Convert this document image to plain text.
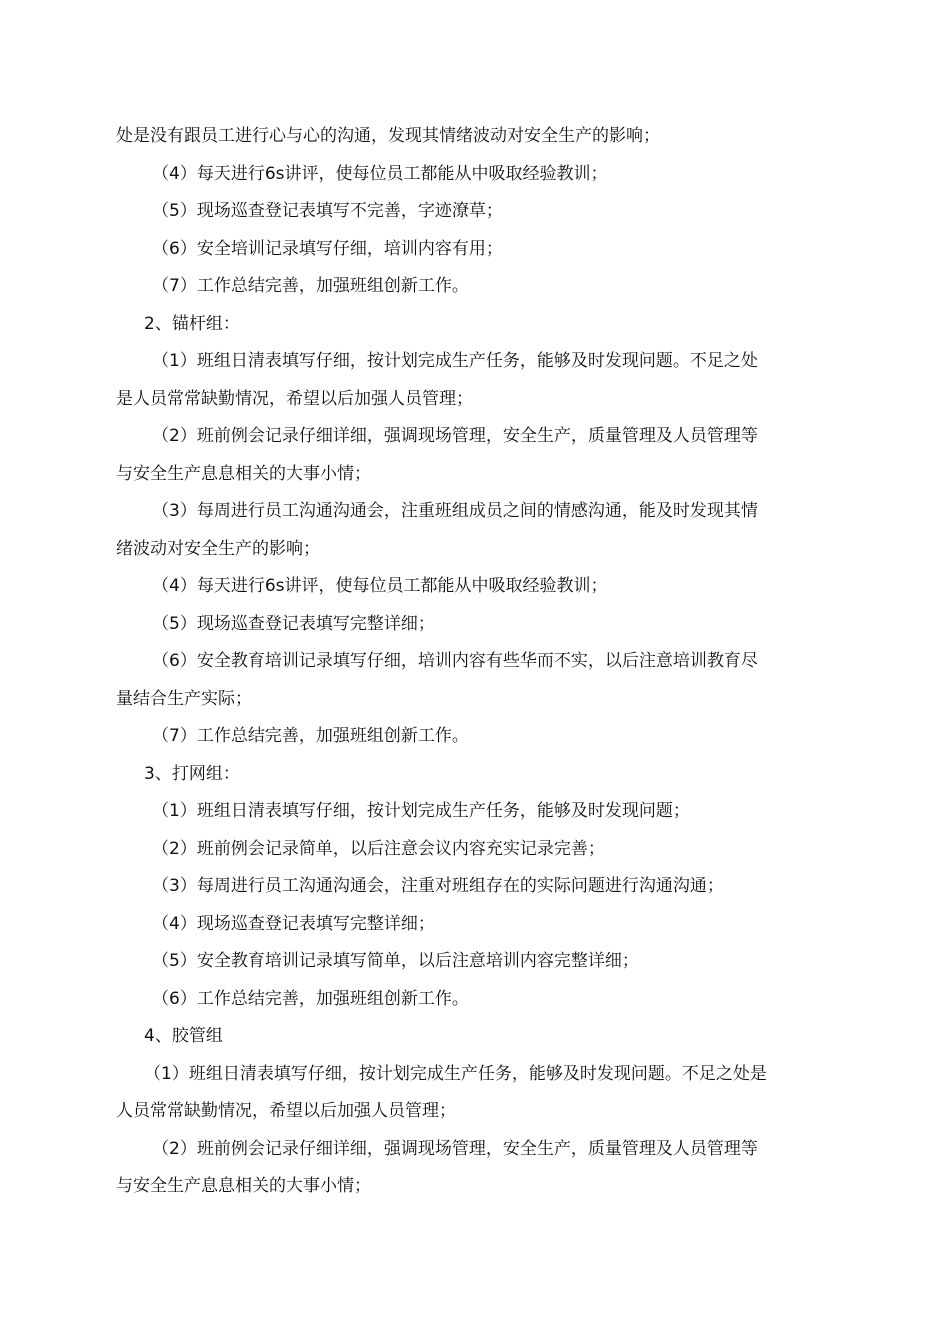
处是没有跟员工进行心与心的沟通，发现其情绪波动对安全生产的影响；
（4）每天进行6s讲评，使每位员工都能从中吸取经验教训；
（5）现场巡查登记表填写不完善，字迹潦草；
（6）安全培训记录填写仔细，培训内容有用；
（7）工作总结完善，加强班组创新工作。
2、锚杆组：
（1）班组日清表填写仔细，按计划完成生产任务，能够及时发现问题。不足之处
是人员常常缺勤情况，希望以后加强人员管理；
（2）班前例会记录仔细详细，强调现场管理，安全生产，质量管理及人员管理等
与安全生产息息相关的大事小情；
（3）每周进行员工沟通沟通会，注重班组成员之间的情感沟通，能及时发现其情
绪波动对安全生产的影响；
（4）每天进行6s讲评，使每位员工都能从中吸取经验教训；
（5）现场巡查登记表填写完整详细；
（6）安全教育培训记录填写仔细，培训内容有些华而不实，以后注意培训教育尽
量结合生产实际；
（7）工作总结完善，加强班组创新工作。
3、打网组：
（1）班组日清表填写仔细，按计划完成生产任务，能够及时发现问题；
（2）班前例会记录简单，以后注意会议内容充实记录完善；
（3）每周进行员工沟通沟通会，注重对班组存在的实际问题进行沟通沟通；
（4）现场巡查登记表填写完整详细；
（5）安全教育培训记录填写简单，以后注意培训内容完整详细；
（6）工作总结完善，加强班组创新工作。
4、胶管组
（1）班组日清表填写仔细，按计划完成生产任务，能够及时发现问题。不足之处是
人员常常缺勤情况，希望以后加强人员管理；
（2）班前例会记录仔细详细，强调现场管理，安全生产，质量管理及人员管理等
与安全生产息息相关的大事小情；
